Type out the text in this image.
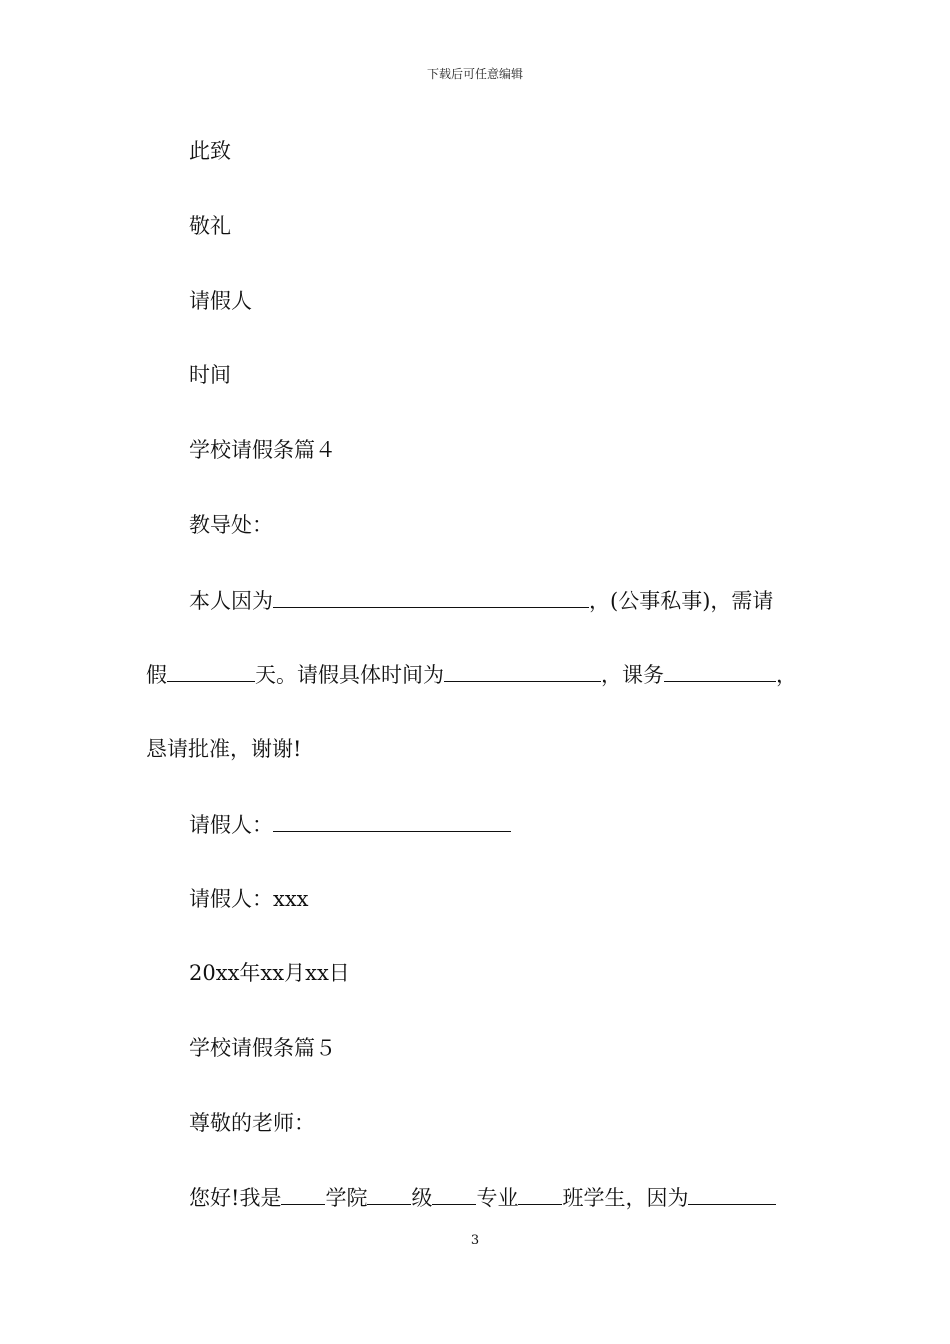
下载后可任意编辑
此致
敬礼
请假人
时间
学校请假条篇４
教导处：
本人因为	，(公事私事)，需请
假	天。请假具体时间为	，课务	，
恳请批准，谢谢!
请假人：
请假人：xxx
20xx年xx月xx日
学校请假条篇５
尊敬的老师：
您好!我是 学院 级 专业 班学生，因为
3
